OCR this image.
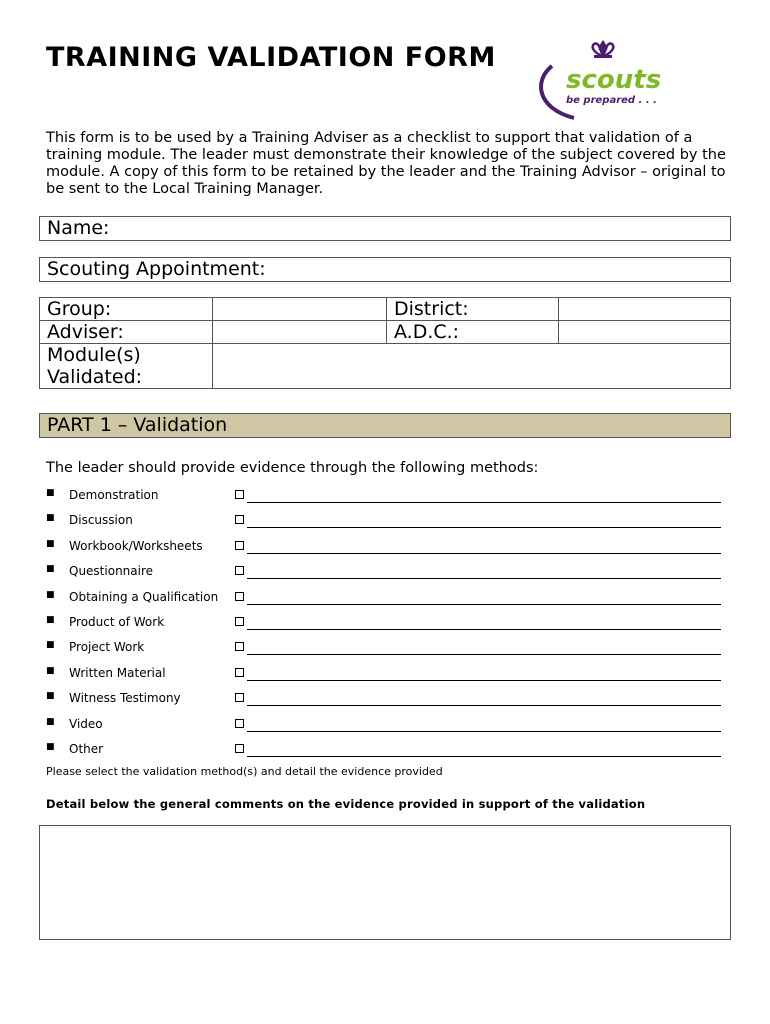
TRAINING VALIDATION FORM
scouts
be prepared . . .
This form is to be used by a Training Adviser as a checklist to support that validation of a training module. The leader must demonstrate their knowledge of the subject covered by the module. A copy of this form to be retained by the leader and the Training Advisor – original to be sent to the Local Training Manager.
Name:
Scouting Appointment:
Group:		District:	
Adviser:		A.D.C.:	

Module(s)
Validated:			

PART 1 – Validation
The leader should provide evidence through the following methods:
■ Demonstration
■ Discussion
■ Workbook/Worksheets
■ Questionnaire
■ Obtaining a Qualification
■ Product of Work
■ Project Work
■ Written Material
■ Witness Testimony
■ Video
■ Other
Please select the validation method(s) and detail the evidence provided
Detail below the general comments on the evidence provided in support of the validation
